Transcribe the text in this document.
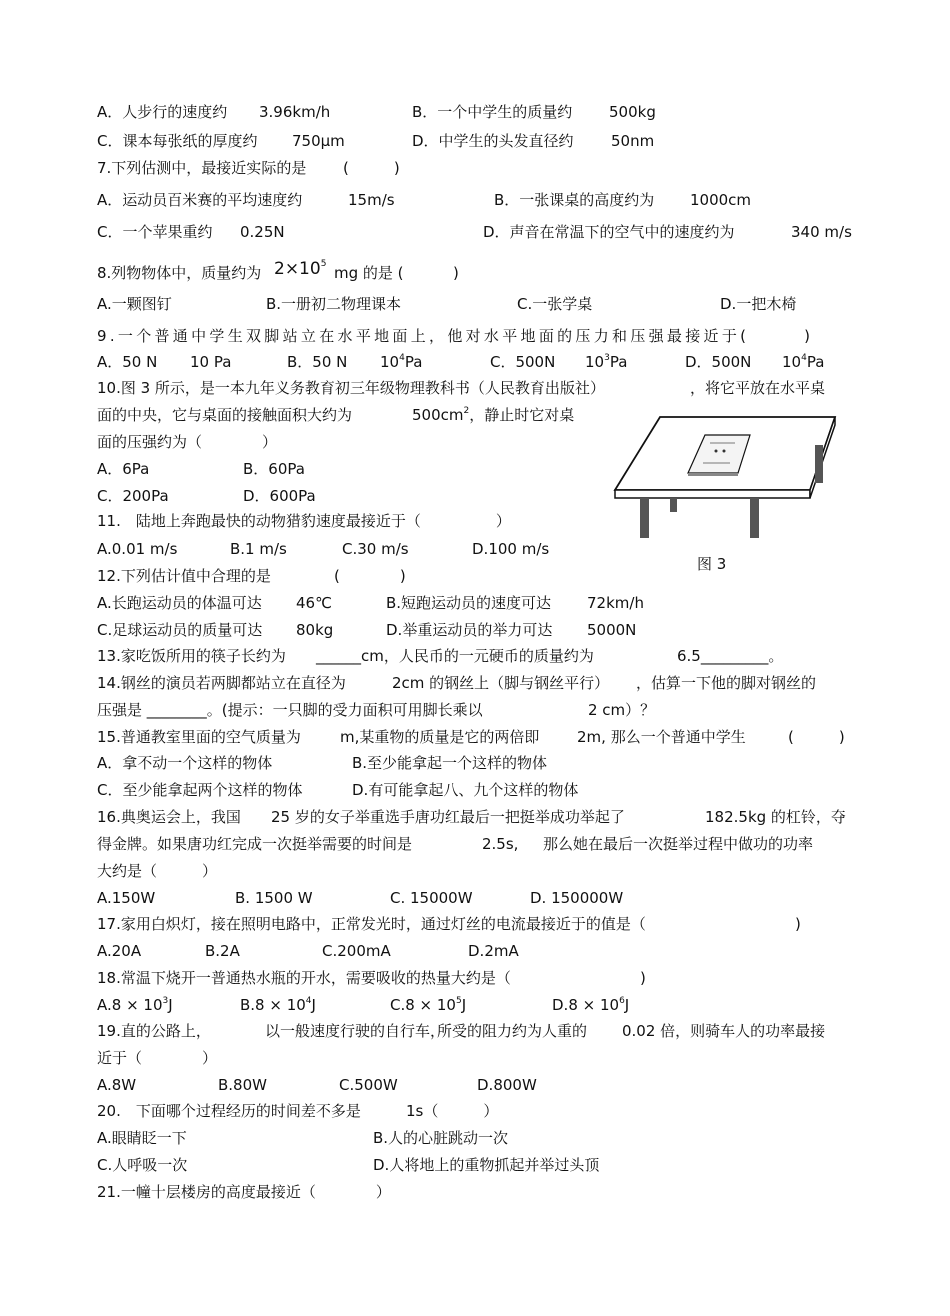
A．人步行的速度约 3.96km/h	B．一个中学生的质量约 500kg
C．课本每张纸的厚度约 750μm	D．中学生的头发直径约 50nm
7.下列估测中，最接近实际的是 (　　　)
A．运动员百米赛的平均速度约	15m/s	B．一张课桌的高度约为 1000cm
C．一个苹果重约 0.25N	D．声音在常温下的空气中的速度约为	340 m/s
8.列物物体中，质量约为 $2\times 10^5$ mg 的是 (	)
A.一颗图钉	B.一册初二物理课本	C.一张学桌	D.一把木椅
9.一个普通中学生双脚站立在水平地面上，他对水平地面的压力和压强最接近于(　　　)
A．50 N 10 Pa	B．50 N $10^4Pa$	C．500N $10^3Pa$	D．500N $10^4Pa$
10.图 3 所示，是一本九年义务教育初三年级物理教科书（人民教育出版社）	，将它平放在水平桌
面的中央，它与桌面的接触面积大约为	$500cm^2$，静止时它对桌
面的压强约为（　　　　）
A．6Pa	B．60Pa
C．200Pa	D．600Pa
图 3
11.　陆地上奔跑最快的动物猎豹速度最接近于（　　　　　）
A.0.01 m/s	B.1 m/s	C.30 m/s	D.100 m/s
12.下列估计值中合理的是	(　　　　)
A.长跑运动员的体温可达 46℃	B.短跑运动员的速度可达 72km/h
C.足球运动员的质量可达 80kg	D.举重运动员的举力可达 5000N
13.家吃饭所用的筷子长约为 ______cm，人民币的一元硬币的质量约为	6.5_________。
14.钢丝的演员若两脚都站立在直径为	2cm 的钢丝上（脚与钢丝平行） ，估算一下他的脚对钢丝的
压强是 ________。(提示：一只脚的受力面积可用脚长乘以	2 cm）？
15.普通教室里面的空气质量为	m,某重物的质量是它的两倍即	2m, 那么一个普通中学生	(　　　)
A．拿不动一个这样的物体	B.至少能拿起一个这样的物体
C．至少能拿起两个这样的物体	D.有可能拿起八、九个这样的物体
16.典奥运会上，我国 25 岁的女子举重选手唐功红最后一把挺举成功举起了	182.5kg 的杠铃，夺
得金牌。如果唐功红完成一次挺举需要的时间是	2.5s, 那么她在最后一次挺举过程中做功的功率
大约是（　　　）
A.150W	B. 1500 W	C. 15000W	D. 150000W
17.家用白炽灯，接在照明电路中，正常发光时，通过灯丝的电流最接近于的值是（	)
A.20A	B.2A	C.200mA	D.2mA
18.常温下烧开一普通热水瓶的开水，需要吸收的热量大约是（	)
$A.8 \times 10^3J$	$B.8 \times 10^4J$	$C.8 \times 10^5J$	$D.8 \times 10^6J$
19.直的公路上，	以一般速度行驶的自行车，
所受的阻力约为人重的 0.02 倍，则骑车人的功率最接
近于（　　　　）
A.8W	B.80W	C.500W	D.800W
20.　下面哪个过程经历的时间差不多是	1s（　　　）
A.眼睛眨一下	B.人的心脏跳动一次
C.人呼吸一次	D.人将地上的重物抓起并举过头顶
21.一幢十层楼房的高度最接近（　　　　）
